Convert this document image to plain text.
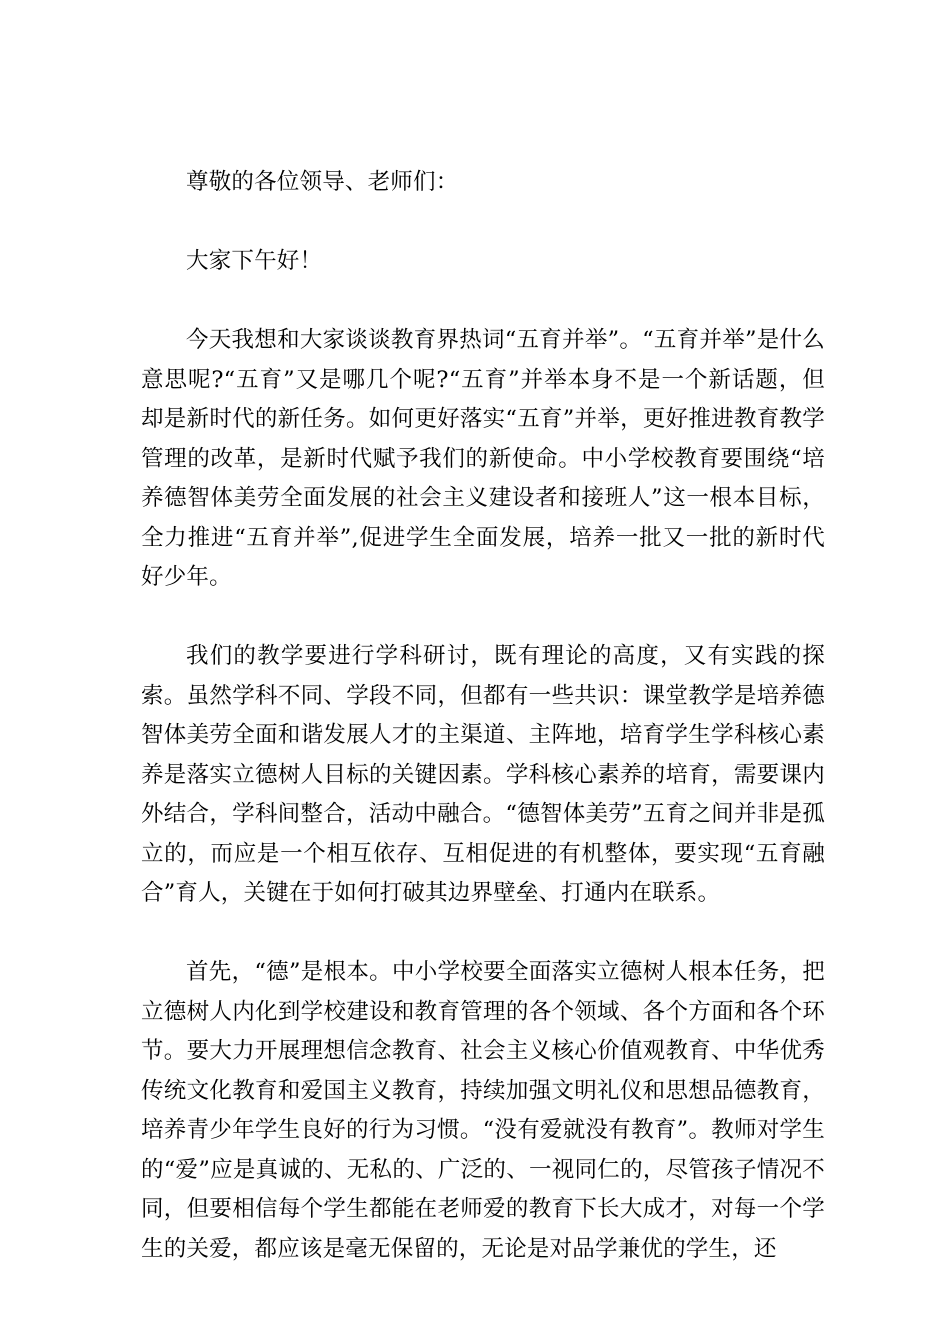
尊敬的各位领导、老师们：

大家下午好！

今天我想和大家谈谈教育界热词“五育并举”。“五育并举”是什么意思呢?“五育”又是哪几个呢?“五育”并举本身不是一个新话题，但却是新时代的新任务。如何更好落实“五育”并举，更好推进教育教学管理的改革，是新时代赋予我们的新使命。中小学校教育要围绕“培养德智体美劳全面发展的社会主义建设者和接班人”这一根本目标，全力推进“五育并举”,促进学生全面发展，培养一批又一批的新时代好少年。

我们的教学要进行学科研讨，既有理论的高度，又有实践的探索。虽然学科不同、学段不同，但都有一些共识：课堂教学是培养德智体美劳全面和谐发展人才的主渠道、主阵地，培育学生学科核心素养是落实立德树人目标的关键因素。学科核心素养的培育，需要课内外结合，学科间整合，活动中融合。“德智体美劳”五育之间并非是孤立的，而应是一个相互依存、互相促进的有机整体，要实现“五育融合”育人，关键在于如何打破其边界壁垒、打通内在联系。

首先，“德”是根本。中小学校要全面落实立德树人根本任务，把立德树人内化到学校建设和教育管理的各个领域、各个方面和各个环节。要大力开展理想信念教育、社会主义核心价值观教育、中华优秀传统文化教育和爱国主义教育，持续加强文明礼仪和思想品德教育，培养青少年学生良好的行为习惯。“没有爱就没有教育”。教师对学生的“爱”应是真诚的、无私的、广泛的、一视同仁的，尽管孩子情况不同，但要相信每个学生都能在老师爱的教育下长大成才，对每一个学生的关爱，都应该是毫无保留的，无论是对品学兼优的学生，还
